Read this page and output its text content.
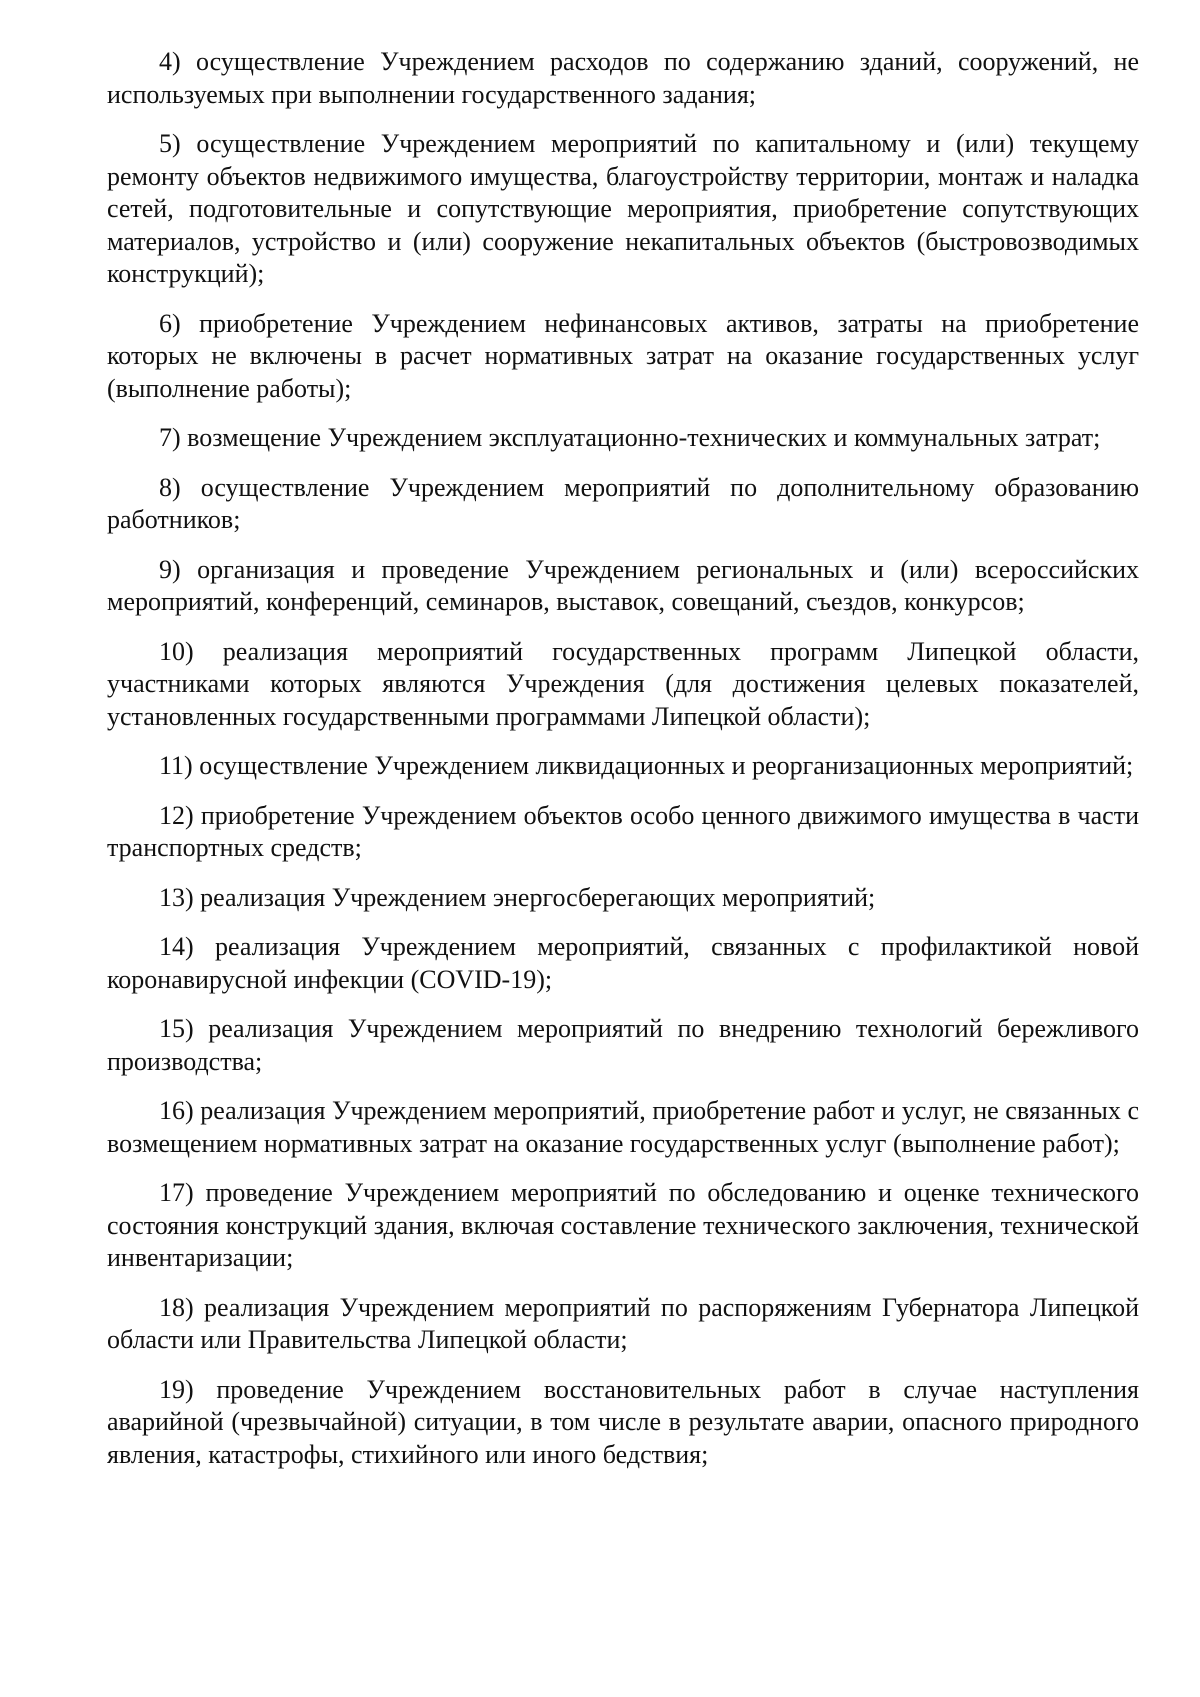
4) осуществление Учреждением расходов по содержанию зданий, сооружений, не используемых при выполнении государственного задания;

5) осуществление Учреждением мероприятий по капитальному и (или) текущему ремонту объектов недвижимого имущества, благоустройству территории, монтаж и наладка сетей, подготовительные и сопутствующие мероприятия, приобретение сопутствующих материалов, устройство и (или) сооружение некапитальных объектов (быстровозводимых конструкций);

6) приобретение Учреждением нефинансовых активов, затраты на приобретение которых не включены в расчет нормативных затрат на оказание государственных услуг (выполнение работы);

7) возмещение Учреждением эксплуатационно-технических и коммунальных затрат;

8) осуществление Учреждением мероприятий по дополнительному образованию работников;

9) организация и проведение Учреждением региональных и (или) всероссийских мероприятий, конференций, семинаров, выставок, совещаний, съездов, конкурсов;

10) реализация мероприятий государственных программ Липецкой области, участниками которых являются Учреждения (для достижения целевых показателей, установленных государственными программами Липецкой области);

11) осуществление Учреждением ликвидационных и реорганизационных мероприятий;

12) приобретение Учреждением объектов особо ценного движимого имущества в части транспортных средств;

13) реализация Учреждением энергосберегающих мероприятий;

14) реализация Учреждением мероприятий, связанных с профилактикой новой коронавирусной инфекции (COVID-19);

15) реализация Учреждением мероприятий по внедрению технологий бережливого производства;

16) реализация Учреждением мероприятий, приобретение работ и услуг, не связанных с возмещением нормативных затрат на оказание государственных услуг (выполнение работ);

17) проведение Учреждением мероприятий по обследованию и оценке технического состояния конструкций здания, включая составление технического заключения, технической инвентаризации;

18) реализация Учреждением мероприятий по распоряжениям Губернатора Липецкой области или Правительства Липецкой области;

19) проведение Учреждением восстановительных работ в случае наступления аварийной (чрезвычайной) ситуации, в том числе в результате аварии, опасного природного явления, катастрофы, стихийного или иного бедствия;
